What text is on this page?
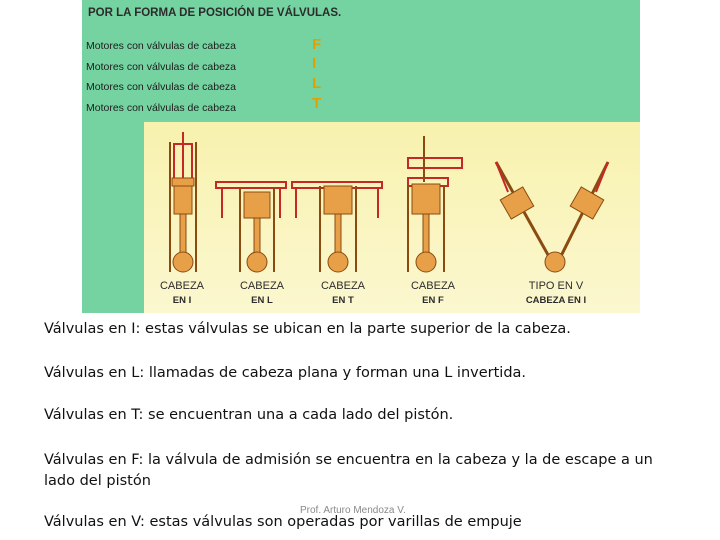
POR LA FORMA DE POSICIÓN DE VÁLVULAS.
Motores con válvulas de cabeza
Motores con válvulas de cabeza
Motores con válvulas de cabeza
Motores con válvulas de cabeza
F
I
L
T
CABEZA
EN I
CABEZA
EN L
CABEZA
EN T
CABEZA
EN F
TIPO EN V
CABEZA EN I
Válvulas en I: estas válvulas se ubican en la parte superior de la cabeza.
Válvulas en L: llamadas de cabeza plana y forman una L invertida.
Válvulas en T: se encuentran una a cada lado del pistón.
Válvulas en F: la válvula de admisión se encuentra en la cabeza y la de escape a un lado del pistón
Válvulas en V: estas válvulas son operadas por varillas de empuje
Prof. Arturo Mendoza V.
